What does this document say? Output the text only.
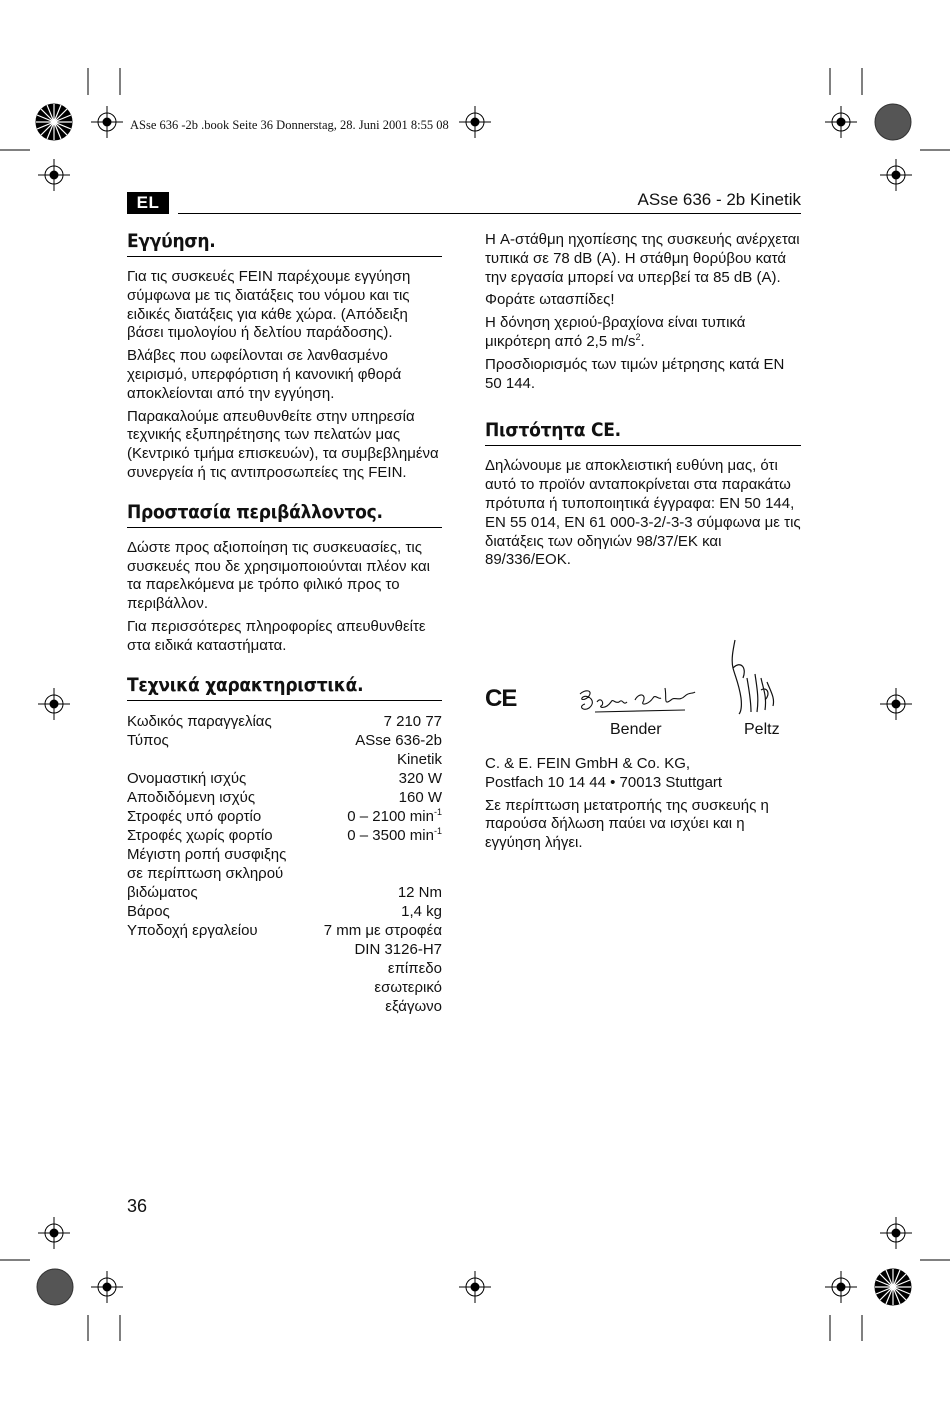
ASse 636 -2b .book Seite 36 Donnerstag, 28. Juni 2001 8:55 08
EL	ASse 636 - 2b Kinetik
Εγγύηση.

Για τις συσκευές FEIN παρέχουμε εγγύηση σύμφωνα με τις διατάξεις του νόμου και τις ειδικές διατάξεις για κάθε χώρα. (Απόδειξη βάσει τιμολογίου ή δελτίου παράδοσης).

Βλάβες που ωφείλονται σε λανθασμένο χειρισμό, υπερφόρτιση ή κανονική φθορά αποκλείονται από την εγγύηση.

Παρακαλούμε απευθυνθείτε στην υπηρεσία τεχνικής εξυπηρέτησης των πελατών μας (Κεντρικό τμήμα επισκευών), τα συμβεβλημένα συνεργεία ή τις αντιπροσωπείες της FEIN.

Προστασία περιβάλλοντος.

Δώστε προς αξιοποίηση τις συσκευασίες, τις συσκευές που δε χρησιμοποιούνται πλέον και τα παρελκόμενα με τρόπο φιλικό προς το περιβάλλον.

Για περισσότερες πληροφορίες απευθυνθείτε στα ειδικά καταστήματα.

Τεχνικά χαρακτηριστικά.
Κωδικός παραγγελίας	7 210 77
Τύπος	ASse 636-2b
Kinetik
Ονομαστική ισχύς	320 W
Αποδιδόμενη ισχύς	160 W
Στροφές υπό φορτίο	0 – 2100 $\min^{-1}$
Στροφές χωρίς φορτίο	0 – 3500 $\min^{-1}$
Μέγιστη ροπή συσφιξης
σε περίπτωση σκληρού
βιδώματος	12 Nm
Βάρος	1,4 kg
Υποδοχή εργαλείου	7 mm με στροφέα
DIN 3126-H7
επίπεδο
εσωτερικό
εξάγωνο

Η A-στάθμη ηχοπίεσης της συσκευής ανέρχεται τυπικά σε 78 dB (A). Η στάθμη θορύβου κατά την εργασία μπορεί να υπερβεί τα 85 dB (A).

Φοράτε ωτασπίδες!

Η δόνηση χεριού-βραχίονα είναι τυπικά μικρότερη από 2,5 $m/s^2$.

Προσδιορισμός των τιμών μέτρησης κατά EN 50 144.

Πιστότητα CE.

Δηλώνουμε με αποκλειστική ευθύνη μας, ότι αυτό το προϊόν ανταποκρίνεται στα παρακάτω πρότυπα ή τυποποιητικά έγγραφα: EN 50 144, EN 55 014, EN 61 000-3-2/-3-3 σύμφωνα με τις διατάξεις των οδηγιών 98/37/EK και 89/336/EOK.

CE
Bender	Peltz

C. & E. FEIN GmbH & Co. KG,

Postfach 10 14 44 • 70013 Stuttgart

Σε περίπτωση μετατροπής της συσκευής η παρούσα δήλωση παύει να ισχύει και η εγγύηση λήγει.

36
